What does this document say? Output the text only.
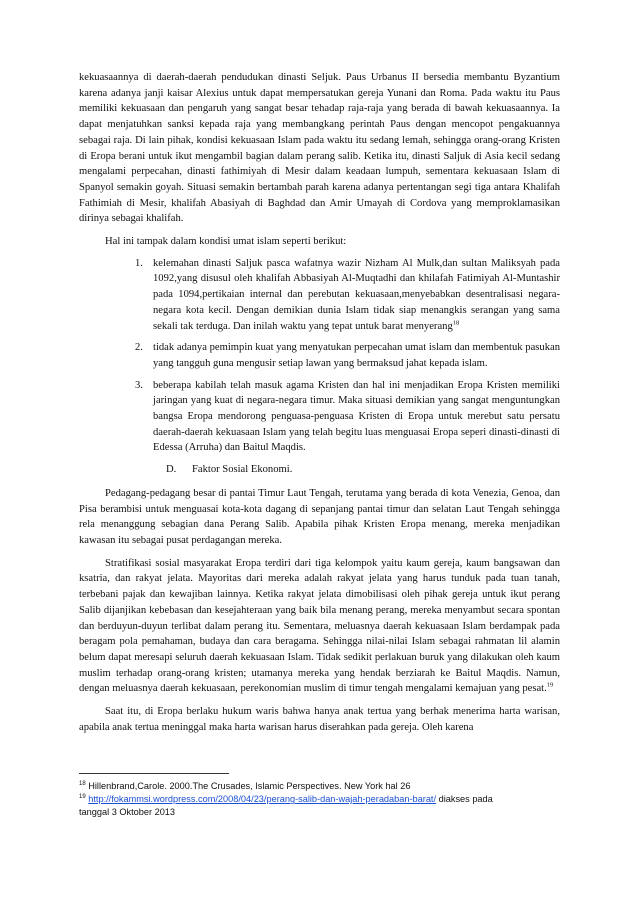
kekuasaannya di daerah-daerah pendudukan dinasti Seljuk. Paus Urbanus II bersedia membantu Byzantium karena adanya janji kaisar Alexius untuk dapat mempersatukan gereja Yunani dan Roma. Pada waktu itu Paus memiliki kekuasaan dan pengaruh yang sangat besar tehadap raja-raja yang berada di bawah kekuasaannya. Ia dapat menjatuhkan sanksi kepada raja yang membangkang perintah Paus dengan mencopot pengakuannya sebagai raja. Di lain pihak, kondisi kekuasaan Islam pada waktu itu sedang lemah, sehingga orang-orang Kristen di Eropa berani untuk ikut mengambil bagian dalam perang salib. Ketika itu, dinasti Saljuk di Asia kecil sedang mengalami perpecahan, dinasti fathimiyah di Mesir dalam keadaan lumpuh, sementara kekuasaan Islam di Spanyol semakin goyah. Situasi semakin bertambah parah karena adanya pertentangan segi tiga antara Khalifah Fathimiah di Mesir, khalifah Abasiyah di Baghdad dan Amir Umayah di Cordova yang memproklamasikan dirinya sebagai khalifah.

Hal ini tampak dalam kondisi umat islam seperti berikut:

1. kelemahan dinasti Saljuk pasca wafatnya wazir Nizham Al Mulk,dan sultan Maliksyah pada 1092,yang disusul oleh khalifah Abbasiyah Al-Muqtadhi dan khilafah Fatimiyah Al-Muntashir pada 1094,pertikaian internal dan perebutan kekuasaan,menyebabkan desentralisasi negara-negara kota kecil. Dengan demikian dunia Islam tidak siap menangkis serangan yang sama sekali tak terduga. Dan inilah waktu yang tepat untuk barat menyerang$^{18}$
2. tidak adanya pemimpin kuat yang menyatukan perpecahan umat islam dan membentuk pasukan yang tangguh guna mengusir setiap lawan yang bermaksud jahat kepada islam.
3. beberapa kabilah telah masuk agama Kristen dan hal ini menjadikan Eropa Kristen memiliki jaringan yang kuat di negara-negara timur. Maka situasi demikian yang sangat menguntungkan bangsa Eropa mendorong penguasa-penguasa Kristen di Eropa untuk merebut satu persatu daerah-daerah kekuasaan Islam yang telah begitu luas menguasai Eropa seperi dinasti-dinasti di Edessa (Arruha) dan Baitul Maqdis.

D. Faktor Sosial Ekonomi.

Pedagang-pedagang besar di pantai Timur Laut Tengah, terutama yang berada di kota Venezia, Genoa, dan Pisa berambisi untuk menguasai kota-kota dagang di sepanjang pantai timur dan selatan Laut Tengah sehingga rela menanggung sebagian dana Perang Salib. Apabila pihak Kristen Eropa menang, mereka menjadikan kawasan itu sebagai pusat perdagangan mereka.

Stratifikasi sosial masyarakat Eropa terdiri dari tiga kelompok yaitu kaum gereja, kaum bangsawan dan ksatria, dan rakyat jelata. Mayoritas dari mereka adalah rakyat jelata yang harus tunduk pada tuan tanah, terbebani pajak dan kewajiban lainnya. Ketika rakyat jelata dimobilisasi oleh pihak gereja untuk ikut perang Salib dijanjikan kebebasan dan kesejahteraan yang baik bila menang perang, mereka menyambut secara spontan dan berduyun-duyun terlibat dalam perang itu. Sementara, meluasnya daerah kekuasaan Islam berdampak pada beragam pola pemahaman, budaya dan cara beragama. Sehingga nilai-nilai Islam sebagai rahmatan lil alamin belum dapat meresapi seluruh daerah kekuasaan Islam. Tidak sedikit perlakuan buruk yang dilakukan oleh kaum muslim terhadap orang-orang kristen; utamanya mereka yang hendak berziarah ke Baitul Maqdis. Namun, dengan meluasnya daerah kekuasaan, perekonomian muslim di timur tengah mengalami kemajuan yang pesat.$^{19}$

Saat itu, di Eropa berlaku hukum waris bahwa hanya anak tertua yang berhak menerima harta warisan, apabila anak tertua meninggal maka harta warisan harus diserahkan pada gereja. Oleh karena

$^{18}$ Hillenbrand,Carole. 2000.The Crusades, Islamic Perspectives. New York hal 26

$^{19}$ http://fokammsi.wordpress.com/2008/04/23/perang-salib-dan-wajah-peradaban-barat/ diakses pada

tanggal 3 Oktober 2013
